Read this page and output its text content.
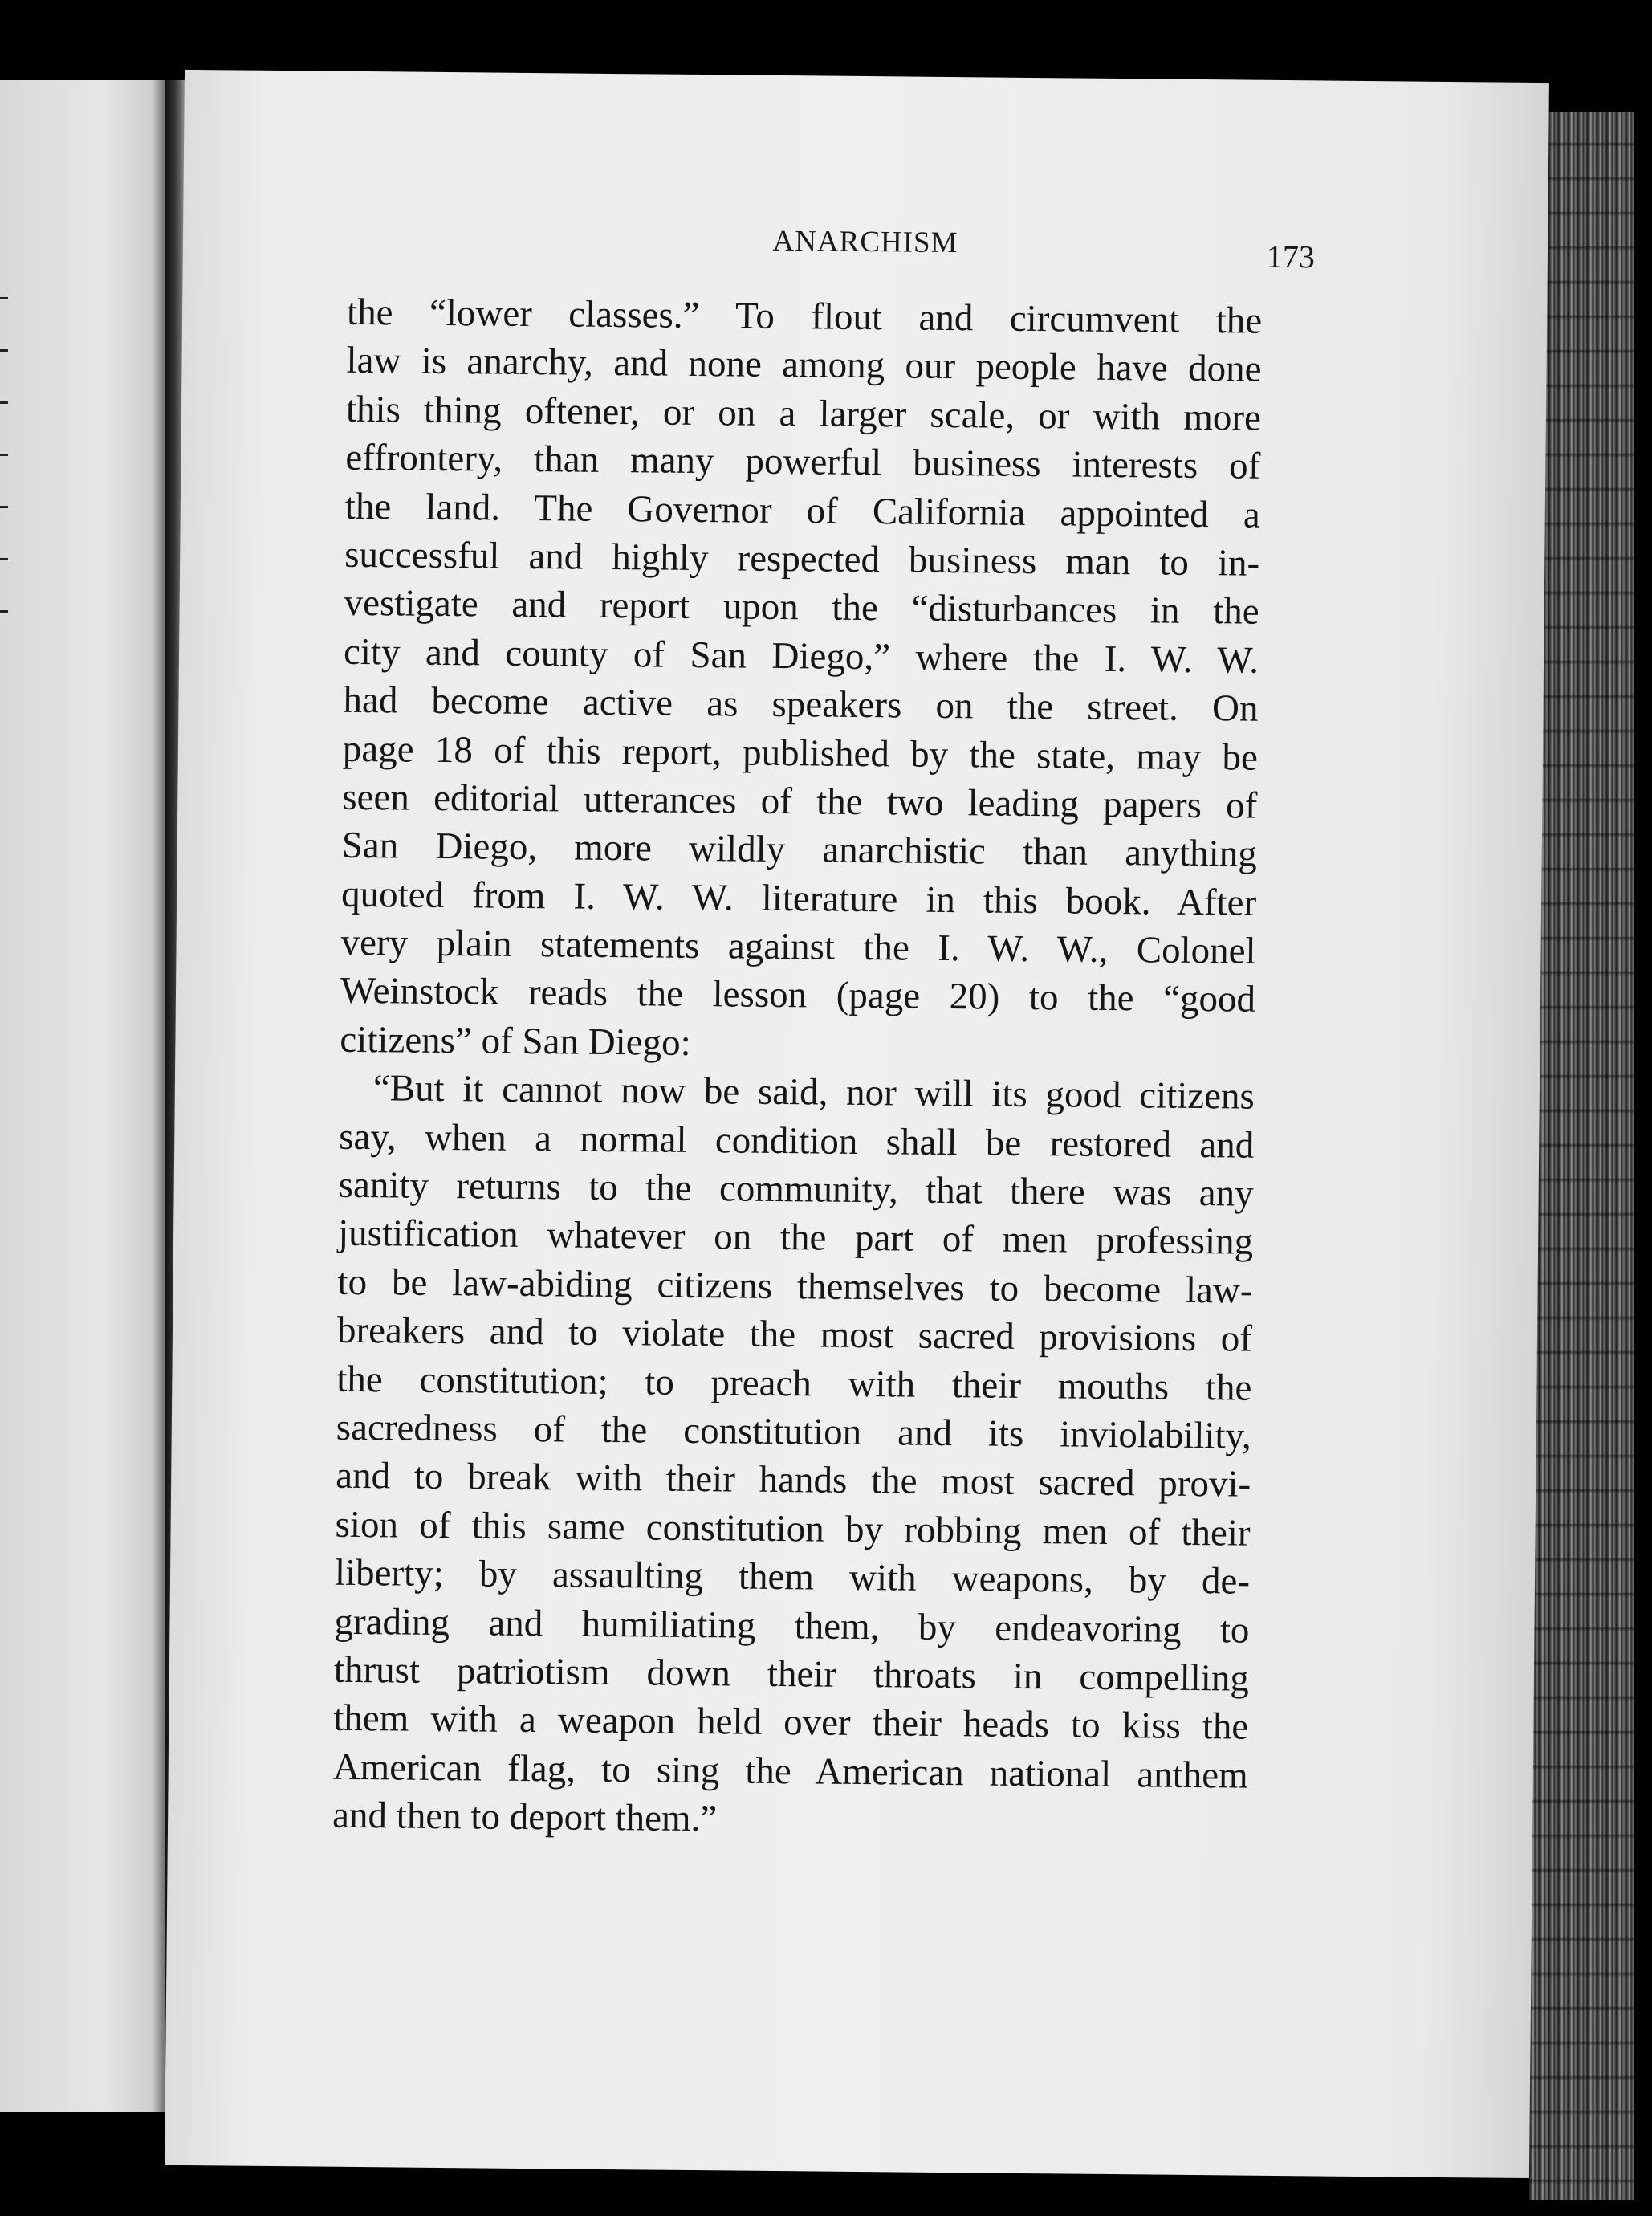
ANARCHISM	173
the “lower classes.” To flout and circumvent the
law is anarchy, and none among our people have done
this thing oftener, or on a larger scale, or with more
effrontery, than many powerful business interests of
the land. The Governor of California appointed a
successful and highly respected business man to in-
vestigate and report upon the “disturbances in the
city and county of San Diego,” where the I. W. W.
had become active as speakers on the street. On
page 18 of this report, published by the state, may be
seen editorial utterances of the two leading papers of
San Diego, more wildly anarchistic than anything
quoted from I. W. W. literature in this book. After
very plain statements against the I. W. W., Colonel
Weinstock reads the lesson (page 20) to the “good
citizens” of San Diego:
“But it cannot now be said, nor will its good citizens
say, when a normal condition shall be restored and
sanity returns to the community, that there was any
justification whatever on the part of men professing
to be law-abiding citizens themselves to become law-
breakers and to violate the most sacred provisions of
the constitution; to preach with their mouths the
sacredness of the constitution and its inviolability,
and to break with their hands the most sacred provi-
sion of this same constitution by robbing men of their
liberty; by assaulting them with weapons, by de-
grading and humiliating them, by endeavoring to
thrust patriotism down their throats in compelling
them with a weapon held over their heads to kiss the
American flag, to sing the American national anthem
and then to deport them.”
